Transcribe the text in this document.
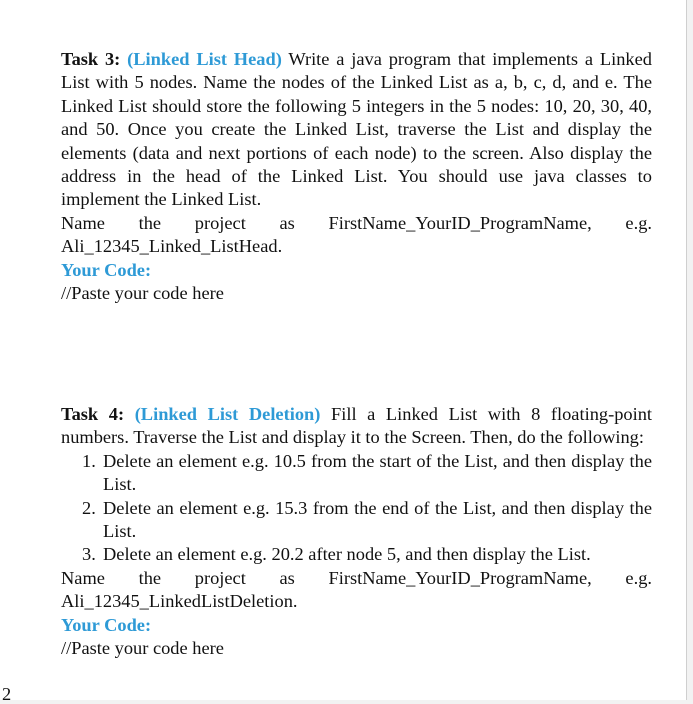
Task 3: (Linked List Head) Write a java program that implements a Linked List with 5 nodes. Name the nodes of the Linked List as a, b, c, d, and e. The Linked List should store the following 5 integers in the 5 nodes: 10, 20, 30, 40, and 50. Once you create the Linked List, traverse the List and display the elements (data and next portions of each node) to the screen. Also display the address in the head of the Linked List. You should use java classes to implement the Linked List.

Name the project as FirstName_YourID_ProgramName, e.g.

Ali_12345_Linked_ListHead.

Your Code:

//Paste your code here

Task 4: (Linked List Deletion) Fill a Linked List with 8 floating-point numbers. Traverse the List and display it to the Screen. Then, do the following:

1. Delete an element e.g. 10.5 from the start of the List, and then display the List.
2. Delete an element e.g. 15.3 from the end of the List, and then display the List.
3. Delete an element e.g. 20.2 after node 5, and then display the List.

Name the project as FirstName_YourID_ProgramName, e.g.

Ali_12345_LinkedListDeletion.

Your Code:

//Paste your code here

2
